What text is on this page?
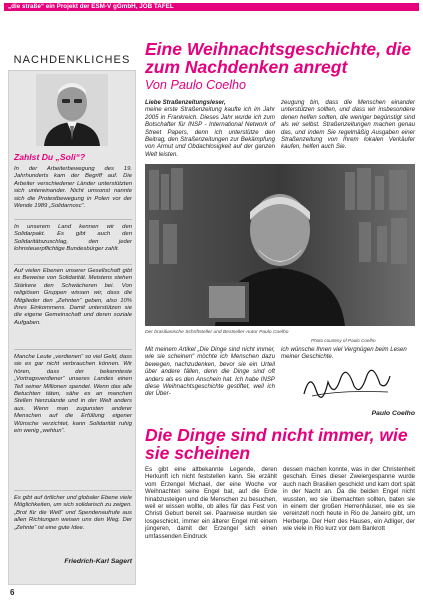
„die straße“ ein Projekt der ESM-V gGmbH, JOB TAFEL
NACHDENKLICHES
Zahlst Du „Soli“?
In der Arbeiterbewegung des 19. Jahrhunderts kam der Begriff auf. Die Arbeiter verschiedener Länder unterstützten sich untereinander. Nicht umsonst nannte sich die Protestbewegung in Polen vor der Wende 1989 „Solidarnosc“.
In unserem Land kennen wir den Solidarpakt. Es gibt auch den Solidaritätszuschlag, den jeder lohnsteuerpflichtige Bundesbürger zahlt.
Auf vielen Ebenen unserer Gesellschaft gibt es Beweise von Solidarität. Meistens stehen Stärkere den Schwächeren bei. Von religiösen Gruppen wissen wir, dass die Mitglieder den „Zehnten“ geben, also 10% ihres Einkommens. Damit unterstützen sie die eigene Gemeinschaft und deren soziale Aufgaben.
Manche Leute „verdienen“ so viel Geld, dass sie es gar nicht verbrauchen können. Wir hören, dass der bekannteste „Vortragsverdiener“ unseres Landes einen Teil seiner Millionen spendet. Wenn das alle Betuchten täten, sähe es an manchen Stellen hierzulande und in der Welt anders aus. Wenn man zugunsten anderer Menschen auf die Erfüllung eigener Wünsche verzichtet, kann Solidarität ruhig ein wenig „wehtun“.
Es gibt auf örtlicher und globaler Ebene viele Möglichkeiten, um sich solidarisch zu zeigen. „Brot für die Welt“ und Spendenaufrufe aus allen Richtungen weisen uns den Weg. Der „Zehnte“ ist eine gute Idee.
Friedrich-Karl Sagert
Eine Weihnachtsgeschichte, die zum Nachdenken anregt
Von Paulo Coelho
Liebe Straßenzeitungsleser,
meine erste Straßenzeitung kaufte ich im Jahr 2005 in Frankreich. Dieses Jahr wurde ich zum Botschafter für INSP - International Network of Street Papers, denn ich unterstütze den Beitrag, den Straßenzeitungen zur Bekämpfung von Armut und Obdachlosigkeit auf der ganzen Welt leisten.
zeugung bin, dass die Menschen einander unterstützen sollten, und dass wir insbesondere denen helfen sollten, die weniger begünstigt sind als wir selbst. Straßenzeitungen machen genau das, und indem Sie regelmäßig Ausgaben einer Straßenzeitung von Ihrem lokalen Verkäufer kaufen, helfen auch Sie.
Der brasilianische Schriftsteller und Bestseller-Autor Paulo Coelho
Photo courtesy of Paulo Coelho
Mit meinem Artikel „Die Dinge sind nicht immer, wie sie scheinen“ möchte ich Menschen dazu bewegen, nachzudenken, bevor sie ein Urteil über andere fällen, denn die Dinge sind oft anders als es den Anschein hat. Ich habe INSP diese Weihnachtsgeschichte gestiftet, weil ich der Über-
ich wünsche Ihnen viel Vergnügen beim Lesen meiner Geschichte.
Paulo Coelho
Die Dinge sind nicht immer, wie sie scheinen
Es gibt eine altbekannte Legende, deren Herkunft ich nicht feststellen kann. Sie erzählt vom Erzengel Michael, der eine Woche vor Weihnachten seine Engel bat, auf die Erde hinabzusteigen und die Menschen zu besuchen, weil er wissen wollte, ob alles für das Fest von Christi Geburt bereit sei. Paarweise wurden sie losgeschickt, immer ein älterer Engel mit einem jüngeren, damit der Erzengel sich einen umfassenden Eindruck
dessen machen konnte, was in der Christenheit geschah. Eines dieser Zweiergespanne wurde auch nach Brasilien geschickt und kam dort spät in der Nacht an. Da die beiden Engel nicht wussten, wo sie übernachten sollten, baten sie in einem der großen Herrenhäuser, wie es sie vereinzelt noch heute in Rio de Janeiro gibt, um Herberge. Der Herr des Hauses, ein Adliger, der wie viele in Rio kurz vor dem Bankrott
6
